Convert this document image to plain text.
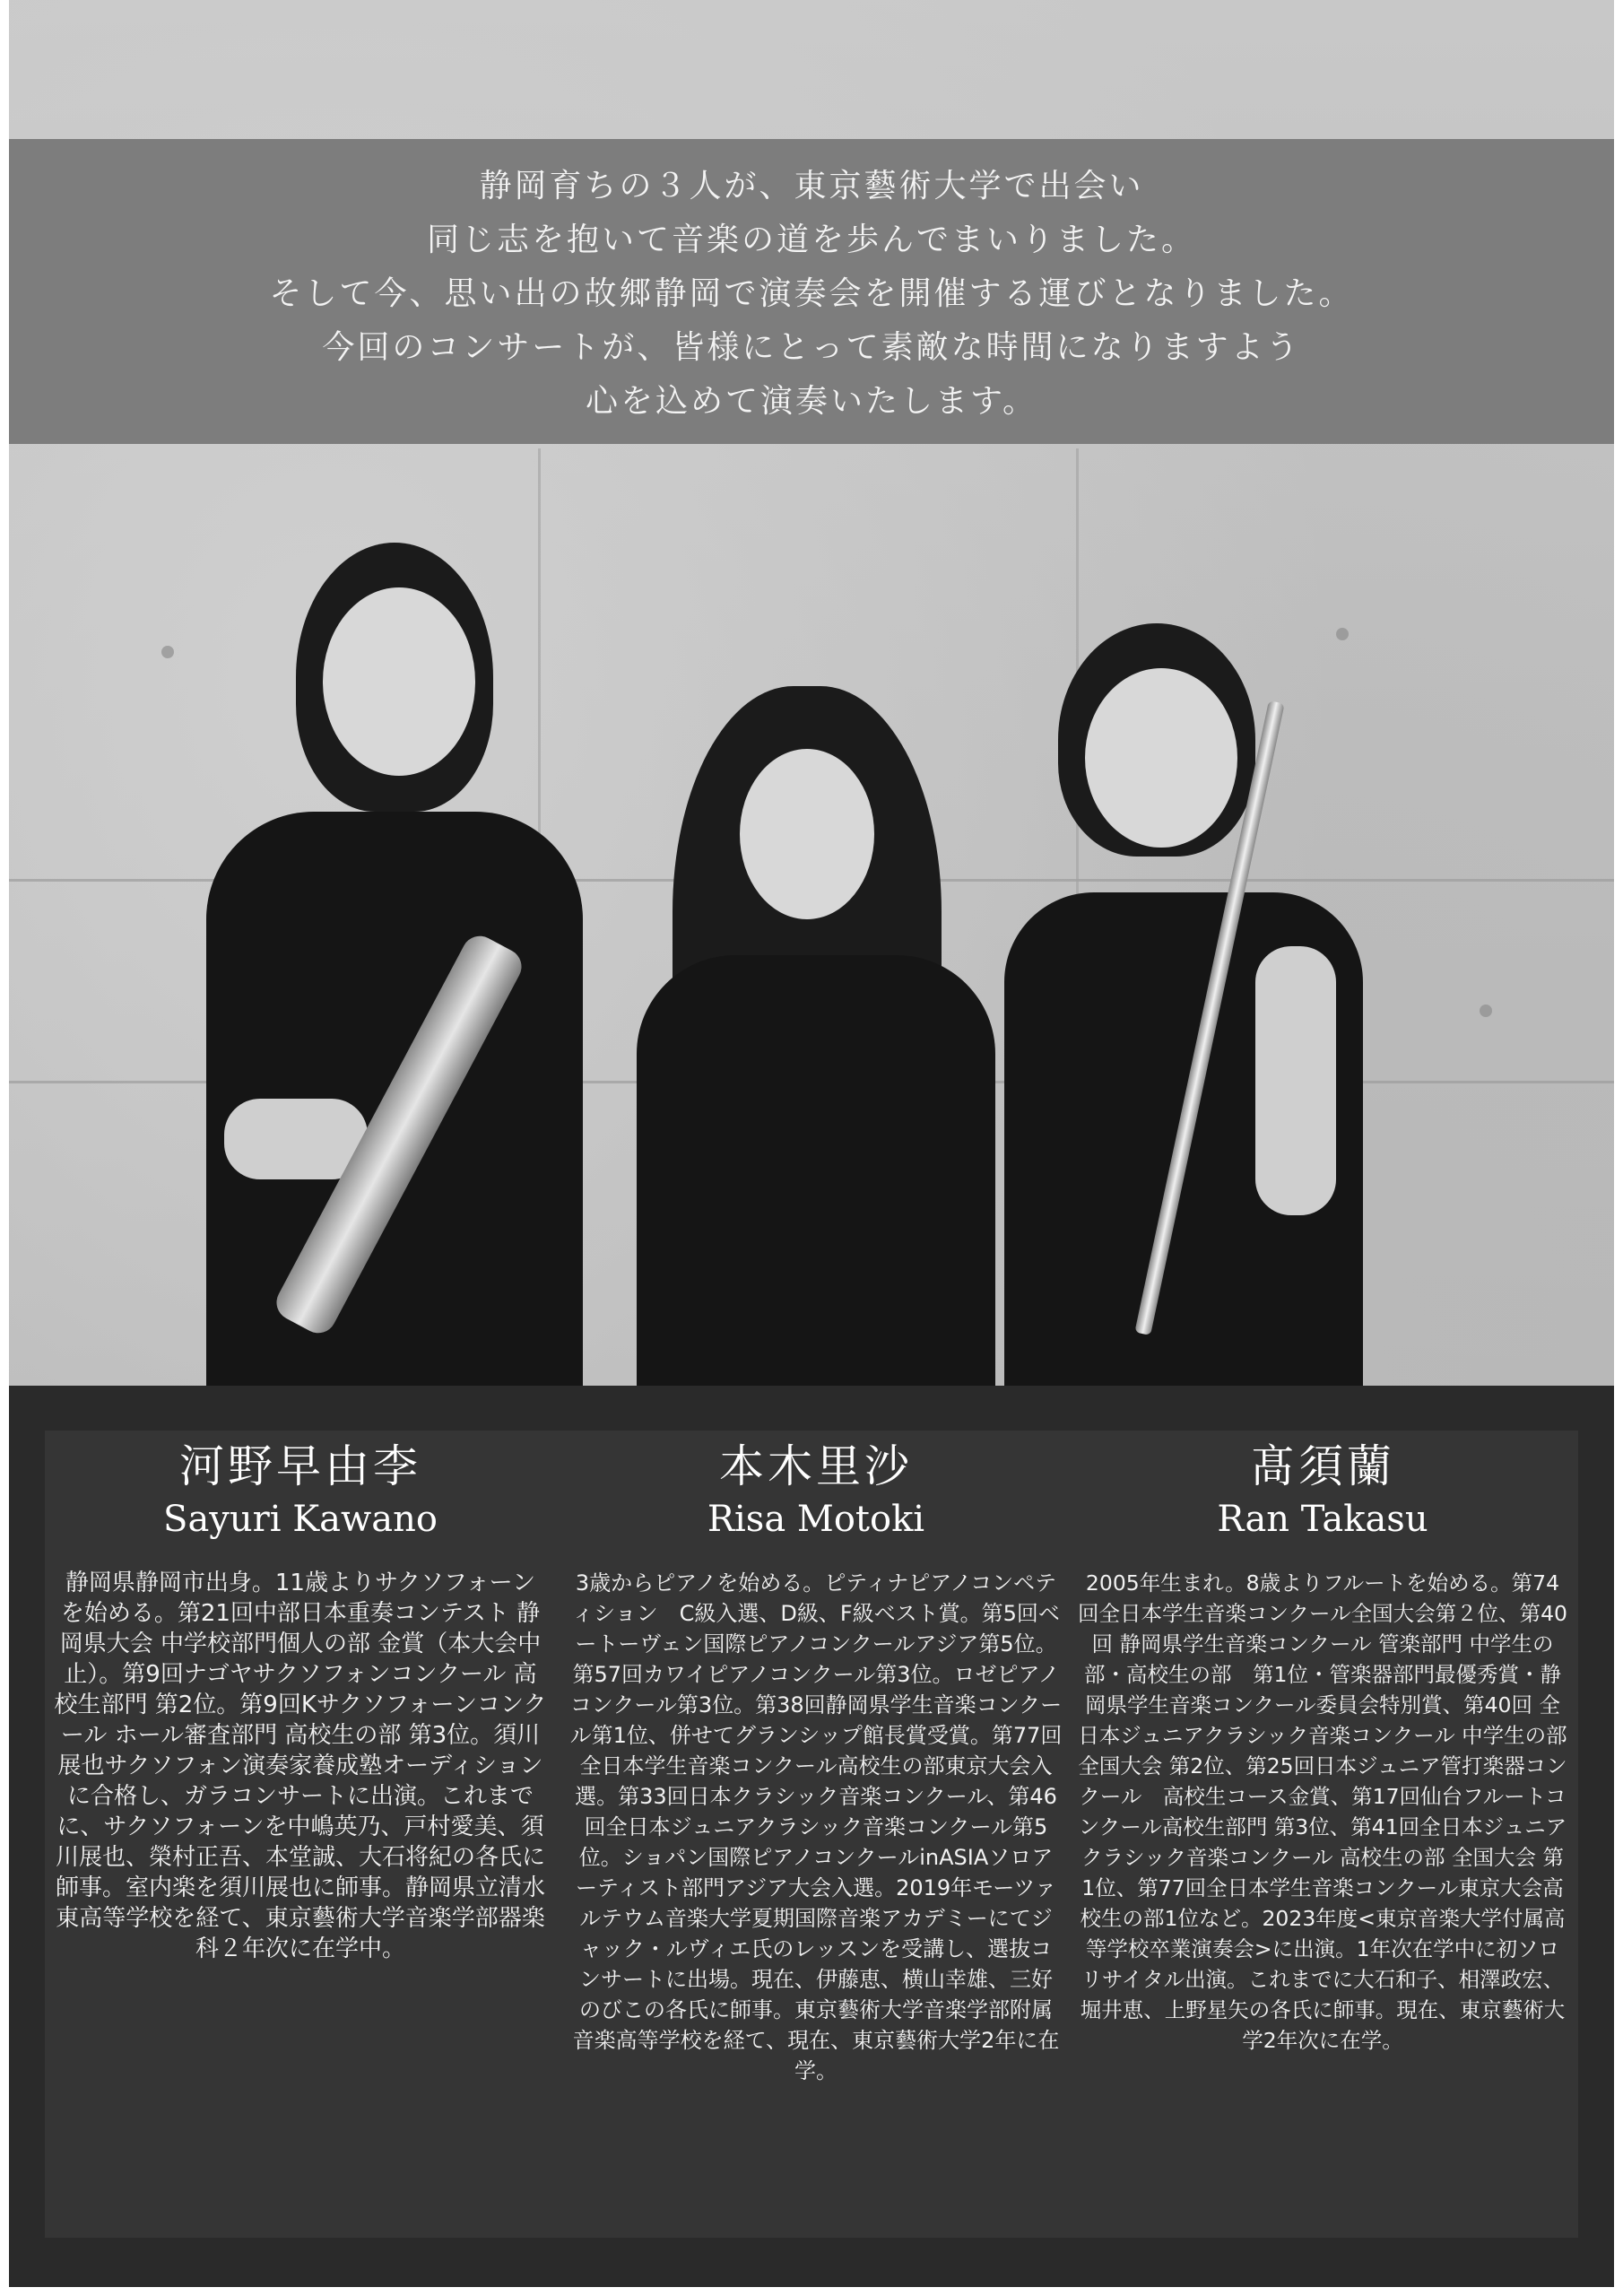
静岡育ちの３人が、東京藝術大学で出会い
同じ志を抱いて音楽の道を歩んでまいりました。
そして今、思い出の故郷静岡で演奏会を開催する運びとなりました。
今回のコンサートが、皆様にとって素敵な時間になりますよう
心を込めて演奏いたします。
河野早由李
Sayuri Kawano
静岡県静岡市出身。11歳よりサクソフォーンを始める。第21回中部日本重奏コンテスト 静岡県大会 中学校部門個人の部 金賞（本大会中止）。第9回ナゴヤサクソフォンコンクール 高校生部門 第2位。第9回Kサクソフォーンコンクール ホール審査部門 高校生の部 第3位。須川展也サクソフォン演奏家養成塾オーディションに合格し、ガラコンサートに出演。これまでに、サクソフォーンを中嶋英乃、戸村愛美、須川展也、榮村正吾、本堂誠、大石将紀の各氏に師事。室内楽を須川展也に師事。静岡県立清水東高等学校を経て、東京藝術大学音楽学部器楽科２年次に在学中。
本木里沙
Risa Motoki
3歳からピアノを始める。ピティナピアノコンペティション　C級入選、D級、F級ベスト賞。第5回ベートーヴェン国際ピアノコンクールアジア第5位。第57回カワイピアノコンクール第3位。ロゼピアノコンクール第3位。第38回静岡県学生音楽コンクール第1位、併せてグランシップ館長賞受賞。第77回全日本学生音楽コンクール高校生の部東京大会入選。第33回日本クラシック音楽コンクール、第46回全日本ジュニアクラシック音楽コンクール第5位。ショパン国際ピアノコンクールinASIAソロアーティスト部門アジア大会入選。2019年モーツァルテウム音楽大学夏期国際音楽アカデミーにてジャック・ルヴィエ氏のレッスンを受講し、選抜コンサートに出場。現在、伊藤恵、横山幸雄、三好のびこの各氏に師事。東京藝術大学音楽学部附属音楽高等学校を経て、現在、東京藝術大学2年に在学。
髙須蘭
Ran Takasu
2005年生まれ。8歳よりフルートを始める。第74回全日本学生音楽コンクール全国大会第２位、第40回 静岡県学生音楽コンクール 管楽部門 中学生の部・高校生の部　第1位・管楽器部門最優秀賞・静岡県学生音楽コンクール委員会特別賞、第40回 全日本ジュニアクラシック音楽コンクール 中学生の部 全国大会 第2位、第25回日本ジュニア管打楽器コンクール　高校生コース金賞、第17回仙台フルートコンクール高校生部門 第3位、第41回全日本ジュニアクラシック音楽コンクール 高校生の部 全国大会 第1位、第77回全日本学生音楽コンクール東京大会高校生の部1位など。2023年度<東京音楽大学付属高等学校卒業演奏会>に出演。1年次在学中に初ソロリサイタル出演。これまでに大石和子、相澤政宏、堀井恵、上野星矢の各氏に師事。現在、東京藝術大学2年次に在学。
